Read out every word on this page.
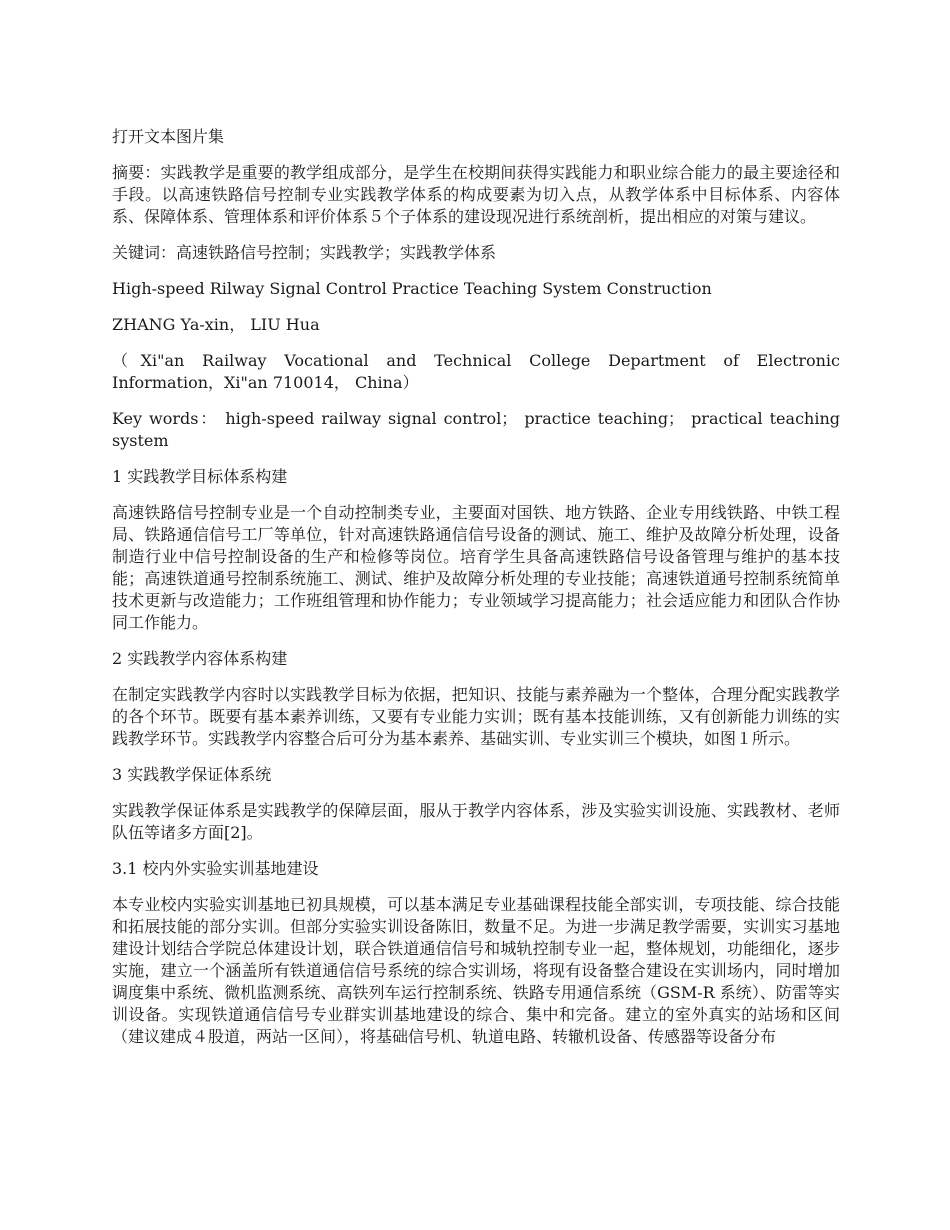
打开文本图片集

摘要：实践教学是重要的教学组成部分，是学生在校期间获得实践能力和职业综合能力的最主要途径和手段。以高速铁路信号控制专业实践教学体系的构成要素为切入点，从教学体系中目标体系、内容体系、保障体系、管理体系和评价体系５个子体系的建设现况进行系统剖析，提出相应的对策与建议。

关键词：高速铁路信号控制；实践教学；实践教学体系

High-speed Rilway Signal Control Practice Teaching System Construction

ZHANG Ya-xin， LIU Hua

（Xi"an Railway Vocational and Technical College Department of Electronic Information，Xi"an 710014， China）

Key words： high-speed railway signal control； practice teaching； practical teaching system

1 实践教学目标体系构建

高速铁路信号控制专业是一个自动控制类专业，主要面对国铁、地方铁路、企业专用线铁路、中铁工程局、铁路通信信号工厂等单位，针对高速铁路通信信号设备的测试、施工、维护及故障分析处理，设备制造行业中信号控制设备的生产和检修等岗位。培育学生具备高速铁路信号设备管理与维护的基本技能；高速铁道通号控制系统施工、测试、维护及故障分析处理的专业技能；高速铁道通号控制系统简单技术更新与改造能力；工作班组管理和协作能力；专业领域学习提高能力；社会适应能力和团队合作协同工作能力。

2 实践教学内容体系构建

在制定实践教学内容时以实践教学目标为依据，把知识、技能与素养融为一个整体，合理分配实践教学的各个环节。既要有基本素养训练，又要有专业能力实训；既有基本技能训练，又有创新能力训练的实践教学环节。实践教学内容整合后可分为基本素养、基础实训、专业实训三个模块，如图１所示。

3 实践教学保证体系统

实践教学保证体系是实践教学的保障层面，服从于教学内容体系，涉及实验实训设施、实践教材、老师队伍等诸多方面[2]。

3.1 校内外实验实训基地建设

本专业校内实验实训基地已初具规模，可以基本满足专业基础课程技能全部实训，专项技能、综合技能和拓展技能的部分实训。但部分实验实训设备陈旧，数量不足。为进一步满足教学需要，实训实习基地建设计划结合学院总体建设计划，联合铁道通信信号和城轨控制专业一起，整体规划，功能细化，逐步实施，建立一个涵盖所有铁道通信信号系统的综合实训场，将现有设备整合建设在实训场内，同时增加调度集中系统、微机监测系统、高铁列车运行控制系统、铁路专用通信系统（GSM-R 系统）、防雷等实训设备。实现铁道通信信号专业群实训基地建设的综合、集中和完备。建立的室外真实的站场和区间（建议建成４股道，两站一区间），将基础信号机、轨道电路、转辙机设备、传感器等设备分布
